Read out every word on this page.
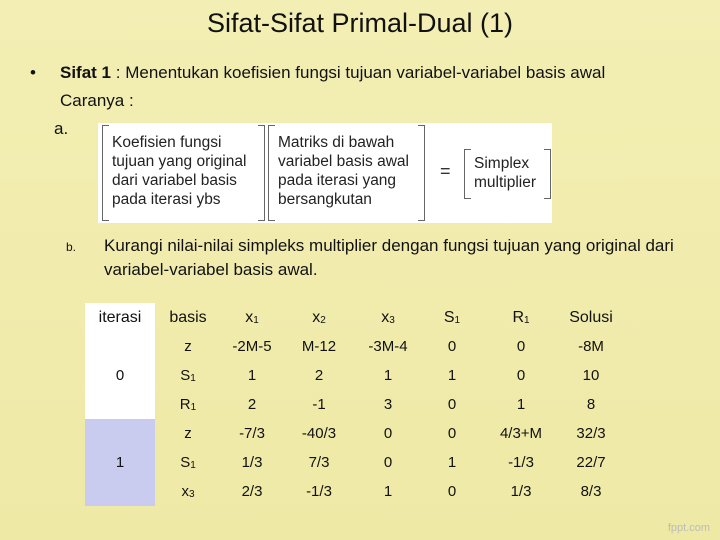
Sifat-Sifat Primal-Dual (1)
• Sifat 1 : Menentukan koefisien fungsi tujuan variabel-variabel basis awal
Caranya :
a.
Koefisien fungsi
tujuan yang original
dari variabel basis
pada iterasi ybs
Matriks di bawah
variabel basis awal
pada iterasi yang
bersangkutan
= Simplex
multiplier
b. Kurangi nilai-nilai simpleks multiplier dengan fungsi tujuan yang original dari variabel-variabel basis awal.
iterasi	basis	$x_1$	$x_2$	$x_3$	$S_1$	$R_1$	Solusi
0	z	-2M-5	M-12	-3M-4	0	0	-8M
	$S_1$	1	2	1	1	0	10
	$R_1$	2	-1	3	0	1	8
1	z	-7/3	-40/3	0	0	4/3+M	32/3
	$S_1$	1/3	7/3	0	1	-1/3	22/7
	$x_3$	2/3	-1/3	1	0	1/3	8/3
fppt.com
